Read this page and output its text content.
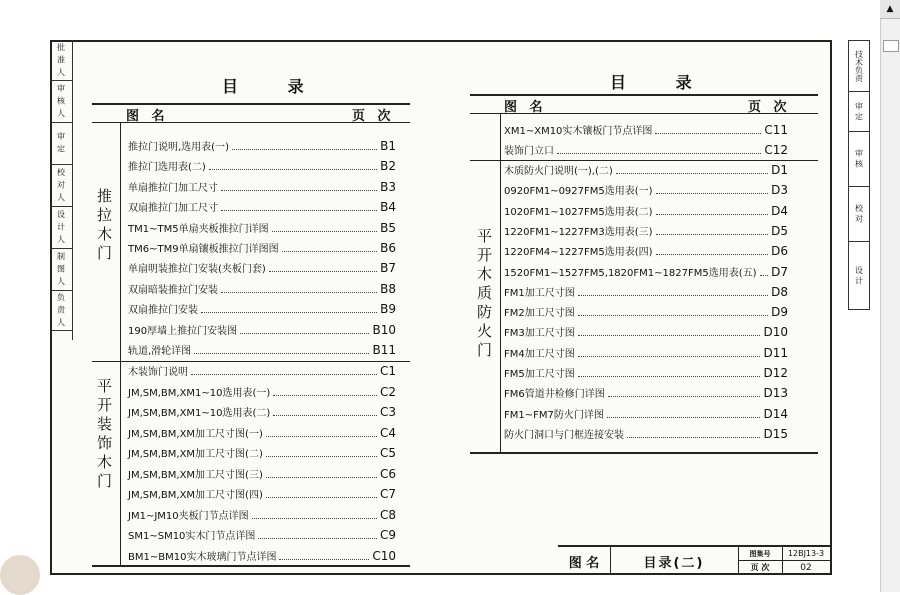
批 准 人
审 核 人
审 定
校 对 人
设 计 人
制 图 人
负 责 人
目 录
图 名	页 次
推拉木门
平开装饰木门
推拉门说明,选用表(一)	B1
推拉门选用表(二)	B2
单扇推拉门加工尺寸	B3
双扇推拉门加工尺寸	B4
TM1~TM5单扇夹板推拉门详图	B5
TM6~TM9单扇镶板推拉门详图图	B6
单扇明装推拉门安装(夹板门套)	B7
双扇暗装推拉门安装	B8
双扇推拉门安装	B9
190厚墙上推拉门安装图	B10
轨道,滑轮详图	B11
木装饰门说明	C1
JM,SM,BM,XM1~10选用表(一)	C2
JM,SM,BM,XM1~10选用表(二)	C3
JM,SM,BM,XM加工尺寸图(一)	C4
JM,SM,BM,XM加工尺寸图(二)	C5
JM,SM,BM,XM加工尺寸图(三)	C6
JM,SM,BM,XM加工尺寸图(四)	C7
JM1~JM10夹板门节点详图	C8
SM1~SM10实木门节点详图	C9
BM1~BM10实木玻璃门节点详图	C10
目 录
图 名	页 次
平开木质防火门
XM1~XM10实木镶板门节点详图	C11
装饰门立口	C12
木质防火门说明(一),(二)	D1
0920FM1~0927FM5选用表(一)	D3
1020FM1~1027FM5选用表(二)	D4
1220FM1~1227FM3选用表(三)	D5
1220FM4~1227FM5选用表(四)	D6
1520FM1~1527FM5,1820FM1~1827FM5选用表(五) D7
FM1加工尺寸图	D8
FM2加工尺寸图	D9
FM3加工尺寸图	D10
FM4加工尺寸图	D11
FM5加工尺寸图	D12
FM6管道井检修门详图	D13
FM1~FM7防火门详图	D14
防火门洞口与门框连接安装	D15
图 名	目录(二)
图集号	12BJ13-3
页 次	02
技术负责
审 定
审 核
校 对
设 计
▲
